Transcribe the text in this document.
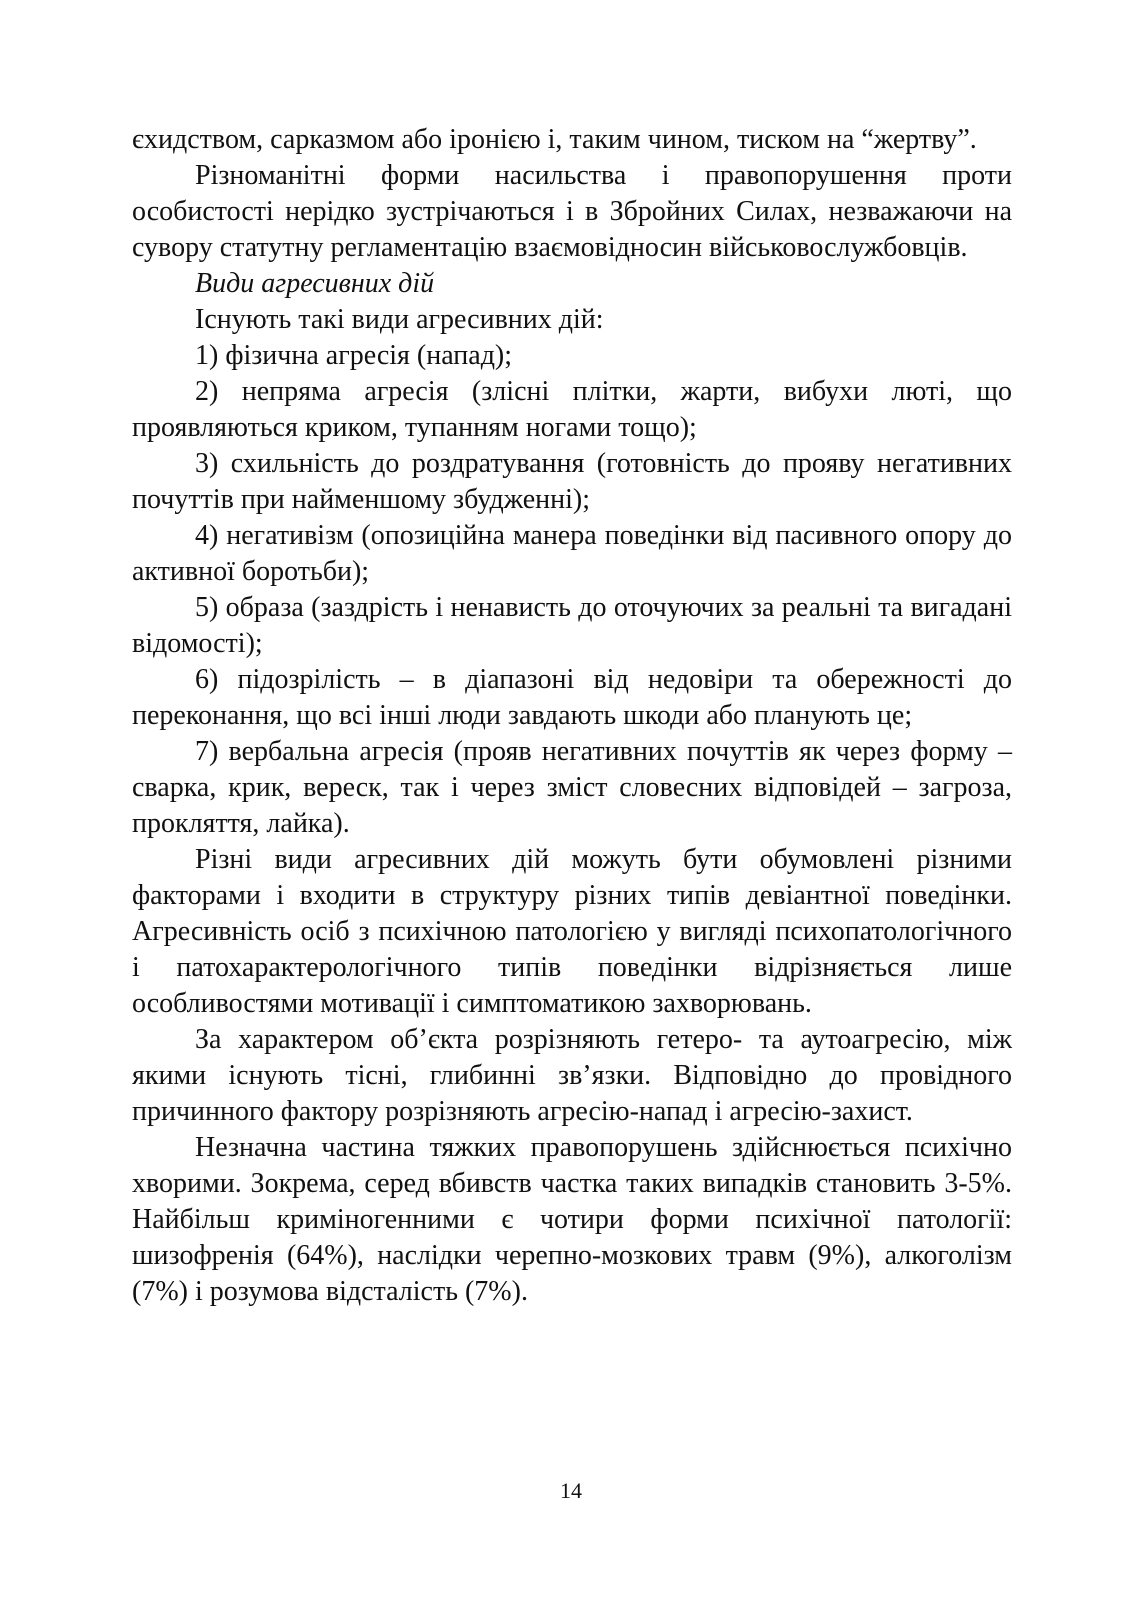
єхидством, сарказмом або іронією і, таким чином, тиском на “жертву”.

Різноманітні форми насильства і правопорушення проти особистості нерідко зустрічаються і в Збройних Силах, незважаючи на сувору статутну регламентацію взаємовідносин військовослужбовців.

Види агресивних дій

Існують такі види агресивних дій:

1) фізична агресія (напад);

2) непряма агресія (злісні плітки, жарти, вибухи люті, що проявляються криком, тупанням ногами тощо);

3) схильність до роздратування (готовність до прояву негативних почуттів при найменшому збудженні);

4) негативізм (опозиційна манера поведінки від пасивного опору до активної боротьби);

5) образа (заздрість і ненависть до оточуючих за реальні та вигадані відомості);

6) підозрілість – в діапазоні від недовіри та обережності до переконання, що всі інші люди завдають шкоди або планують це;

7) вербальна агресія (прояв негативних почуттів як через форму – сварка, крик, вереск, так і через зміст словесних відповідей – загроза, прокляття, лайка).

Різні види агресивних дій можуть бути обумовлені різними факторами і входити в структуру різних типів девіантної поведінки. Агресивність осіб з психічною патологією у вигляді психопатологічного і патохарактерологічного типів поведінки відрізняється лише особливостями мотивації і симптоматикою захворювань.

За характером об’єкта розрізняють гетеро- та аутоагресію, між якими існують тісні, глибинні зв’язки. Відповідно до провідного причинного фактору розрізняють агресію-напад і агресію-захист.

Незначна частина тяжких правопорушень здійснюється психічно хворими. Зокрема, серед вбивств частка таких випадків становить 3-5%. Найбільш криміногенними є чотири форми психічної патології: шизофренія (64%), наслідки черепно-мозкових травм (9%), алкоголізм (7%) і розумова відсталість (7%).

14
